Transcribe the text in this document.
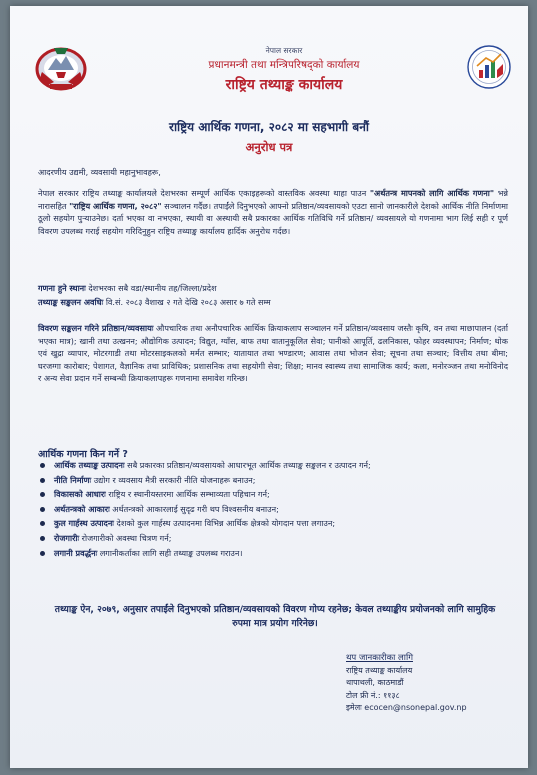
नेपाल सरकार
प्रधानमन्त्री तथा मन्त्रिपरिषद्को कार्यालय
राष्ट्रिय तथ्याङ्क कार्यालय
राष्ट्रिय आर्थिक गणना, २०८२ मा सहभागी बनौं
अनुरोध पत्र
आदरणीय उद्यमी, व्यवसायी महानुभावहरू,
नेपाल सरकार राष्ट्रिय तथ्याङ्क कार्यालयले देशभरका सम्पूर्ण आर्थिक एकाइहरूको वास्तविक अवस्था थाहा पाउन "अर्थतन्त्र मापनको लागि आर्थिक गणना" भन्ने नारासहित "राष्ट्रिय आर्थिक गणना, २०८२" सञ्चालन गर्दैछ। तपाईंले दिनुभएको आफ्नो प्रतिष्ठान/व्यवसायको एउटा सानो जानकारीले देशको आर्थिक नीति निर्माणमा ठूलो सहयोग पुऱ्याउनेछ। दर्ता भएका वा नभएका, स्थायी वा अस्थायी सबै प्रकारका आर्थिक गतिविधि गर्ने प्रतिष्ठान/ व्यवसायले यो गणनामा भाग लिई सही र पूर्ण विवरण उपलब्ध गराई सहयोग गरिदिनुहुन राष्ट्रिय तथ्याङ्क कार्यालय हार्दिक अनुरोध गर्दछ।
गणना हुने स्थानः देशभरका सबै वडा/स्थानीय तह/जिल्ला/प्रदेश
तथ्याङ्क सङ्कलन अवधिः वि.सं. २०८३ वैशाख २ गते देखि २०८३ असार ७ गते सम्म
विवरण सङ्कलन गरिने प्रतिष्ठान/व्यवसायः औपचारिक तथा अनौपचारिक आर्थिक क्रियाकलाप सञ्चालन गर्ने प्रतिष्ठान/व्यवसाय जस्तैः कृषि, वन तथा माछापालन (दर्ता भएका मात्र); खानी तथा उत्खनन; औद्योगिक उत्पादन; विद्युत, ग्याँस, बाफ तथा वातानुकूलित सेवा; पानीको आपूर्ति, ढलनिकास, फोहर व्यवस्थापन; निर्माण; थोक एवं खुद्रा व्यापार, मोटरगाडी तथा मोटरसाइकलको मर्मत सम्भार; यातायात तथा भण्डारण; आवास तथा भोजन सेवा; सूचना तथा सञ्चार; वित्तीय तथा बीमा; घरजग्गा कारोबार; पेशागत, वैज्ञानिक तथा प्राविधिक; प्रशासनिक तथा सहयोगी सेवा; शिक्षा; मानव स्वास्थ्य तथा सामाजिक कार्य; कला, मनोरञ्जन तथा मनोविनोद र अन्य सेवा प्रदान गर्ने सम्बन्धी क्रियाकलापहरू गणनामा समावेश गरिन्छ।
आर्थिक गणना किन गर्ने ?
आर्थिक तथ्याङ्क उत्पादनः सबै प्रकारका प्रतिष्ठान/व्यवसायको आधारभूत आर्थिक तथ्याङ्क सङ्कलन र उत्पादन गर्न;
नीति निर्माणः उद्योग र व्यवसाय मैत्री सरकारी नीति योजनाहरू बनाउन;
विकासको आधारः राष्ट्रिय र स्थानीयस्तरमा आर्थिक सम्भाव्यता पहिचान गर्न;
अर्थतन्त्रको आकारः अर्थतन्त्रको आकारलाई सुदृढ गरी थप विश्वसनीय बनाउन;
कुल गार्हस्थ उत्पादनः देशको कुल गार्हस्थ उत्पादनमा विभिन्न आर्थिक क्षेत्रको योगदान पत्ता लगाउन;
रोजगारीः रोजगारीको अवस्था चित्रण गर्न;
लगानी प्रवर्द्धनः लगानीकर्ताका लागि सही तथ्याङ्क उपलब्ध गराउन।
तथ्याङ्क ऐन, २०७९, अनुसार तपाईंले दिनुभएको प्रतिष्ठान/व्यवसायको विवरण गोप्य रहनेछ; केवल तथ्याङ्कीय प्रयोजनको लागि सामुहिक रुपमा मात्र प्रयोग गरिनेछ।
थप जानकारीका लागि
राष्ट्रिय तथ्याङ्क कार्यालय
थापाथली, काठमाडौं
टोल फ्री नं.: ११३८
इमेलः ecocen@nsonepal.gov.np
